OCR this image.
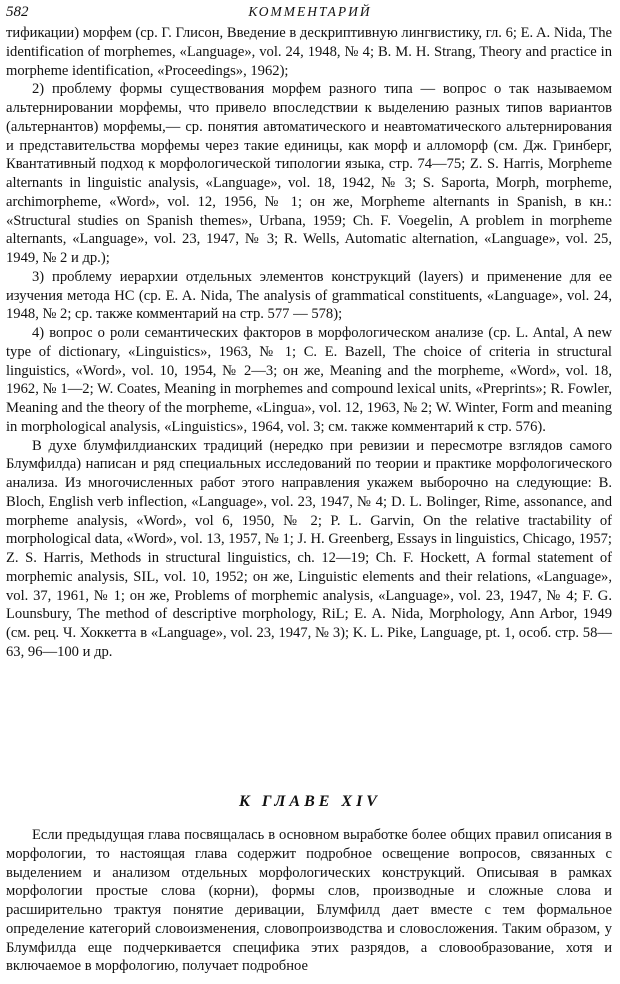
582	КОММЕНТАРИЙ

тификации) морфем (ср. Г. Глисон, Введение в дескриптивную лингвистику, гл. 6; E. A. Nida, The identification of morphemes, «Language», vol. 24, 1948, № 4; B. M. H. Strang, Theory and practice in morpheme identification, «Proceedings», 1962);

2) проблему формы существования морфем разного типа — вопрос о так называемом альтернировании морфемы, что привело впоследствии к выделению разных типов вариантов (альтернантов) морфемы,— ср. понятия автоматического и неавтоматического альтернирования и представительства морфемы через такие единицы, как морф и алломорф (см. Дж. Гринберг, Квантативный подход к морфологической типологии языка, стр. 74—75; Z. S. Harris, Morpheme alternants in linguistic analysis, «Language», vol. 18, 1942, № 3; S. Saporta, Morph, morpheme, archimorpheme, «Word», vol. 12, 1956, № 1; он же, Morpheme alternants in Spanish, в кн.: «Structural studies on Spanish themes», Urbana, 1959; Ch. F. Voegelin, A problem in morpheme alternants, «Language», vol. 23, 1947, № 3; R. Wells, Automatic alternation, «Language», vol. 25, 1949, № 2 и др.);

3) проблему иерархии отдельных элементов конструкций (layers) и применение для ее изучения метода НС (ср. E. A. Nida, The analysis of grammatical constituents, «Language», vol. 24, 1948, № 2; ср. также комментарий на стр. 577 — 578);

4) вопрос о роли семантических факторов в морфологическом анализе (ср. L. Antal, A new type of dictionary, «Linguistics», 1963, № 1; C. E. Bazell, The choice of criteria in structural linguistics, «Word», vol. 10, 1954, № 2—3; он же, Meaning and the morpheme, «Word», vol. 18, 1962, № 1—2; W. Coates, Meaning in morphemes and compound lexical units, «Preprints»; R. Fowler, Meaning and the theory of the morpheme, «Lingua», vol. 12, 1963, № 2; W. Winter, Form and meaning in morphological analysis, «Linguistics», 1964, vol. 3; см. также комментарий к стр. 576).

В духе блумфилдианских традиций (нередко при ревизии и пересмотре взглядов самого Блумфилда) написан и ряд специальных исследований по теории и практике морфологического анализа. Из многочисленных работ этого направления укажем выборочно на следующие: B. Bloch, English verb inflection, «Language», vol. 23, 1947, № 4; D. L. Bolinger, Rime, assonance, and morpheme analysis, «Word», vol 6, 1950, № 2; P. L. Garvin, On the relative tractability of morphological data, «Word», vol. 13, 1957, № 1; J. H. Greenberg, Essays in linguistics, Chicago, 1957; Z. S. Harris, Methods in structural linguistics, ch. 12—19; Ch. F. Hockett, A formal statement of morphemic analysis, SIL, vol. 10, 1952; он же, Linguistic elements and their relations, «Language», vol. 37, 1961, № 1; он же, Problems of morphemic analysis, «Language», vol. 23, 1947, № 4; F. G. Lounsbury, The method of descriptive morphology, RiL; E. A. Nida, Morphology, Ann Arbor, 1949 (см. рец. Ч. Хоккетта в «Language», vol. 23, 1947, № 3); K. L. Pike, Language, pt. 1, особ. стр. 58—63, 96—100 и др.

К ГЛАВЕ XIV

Если предыдущая глава посвящалась в основном выработке более общих правил описания в морфологии, то настоящая глава содержит подробное освещение вопросов, связанных с выделением и анализом отдельных морфологических конструкций. Описывая в рамках морфологии простые слова (корни), формы слов, производные и сложные слова и расширительно трактуя понятие деривации, Блумфилд дает вместе с тем формальное определение категорий словоизменения, словопроизводства и словосложения. Таким образом, у Блумфилда еще подчеркивается специфика этих разрядов, а словообразование, хотя и включаемое в морфологию, получает подробное
